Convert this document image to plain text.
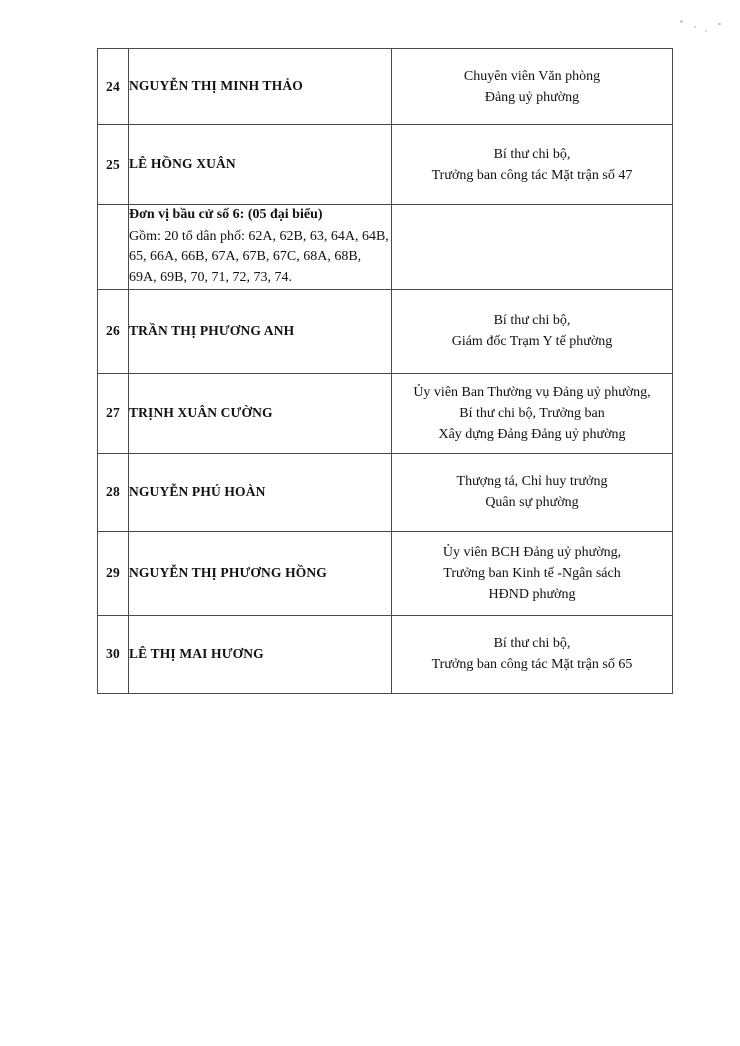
24	NGUYỄN THỊ MINH THẢO	Chuyên viên Văn phòng
Đảng uỷ phường

25	LÊ HỒNG XUÂN	Bí thư chi bộ,
Trưởng ban công tác Mặt trận số 47

	Đơn vị bầu cử số 6: (05 đại biểu)
Gồm: 20 tổ dân phố: 62A, 62B, 63, 64A, 64B, 65, 66A, 66B, 67A, 67B, 67C, 68A, 68B, 69A, 69B, 70, 71, 72, 73, 74.	

26	TRẦN THỊ PHƯƠNG ANH	Bí thư chi bộ,
Giám đốc Trạm Y tế phường

27	TRỊNH XUÂN CƯỜNG	Ủy viên Ban Thường vụ Đảng uỷ phường,
Bí thư chi bộ, Trưởng ban
Xây dựng Đảng Đảng uỷ phường

28	NGUYỄN PHÚ HOÀN	Thượng tá, Chỉ huy trưởng
Quân sự phường

29	NGUYỄN THỊ PHƯƠNG HỒNG	Ủy viên BCH Đảng uỷ phường,
Trưởng ban Kinh tế -Ngân sách
HĐND phường

30	LÊ THỊ MAI HƯƠNG	Bí thư chi bộ,
Trưởng ban công tác Mặt trận số 65
